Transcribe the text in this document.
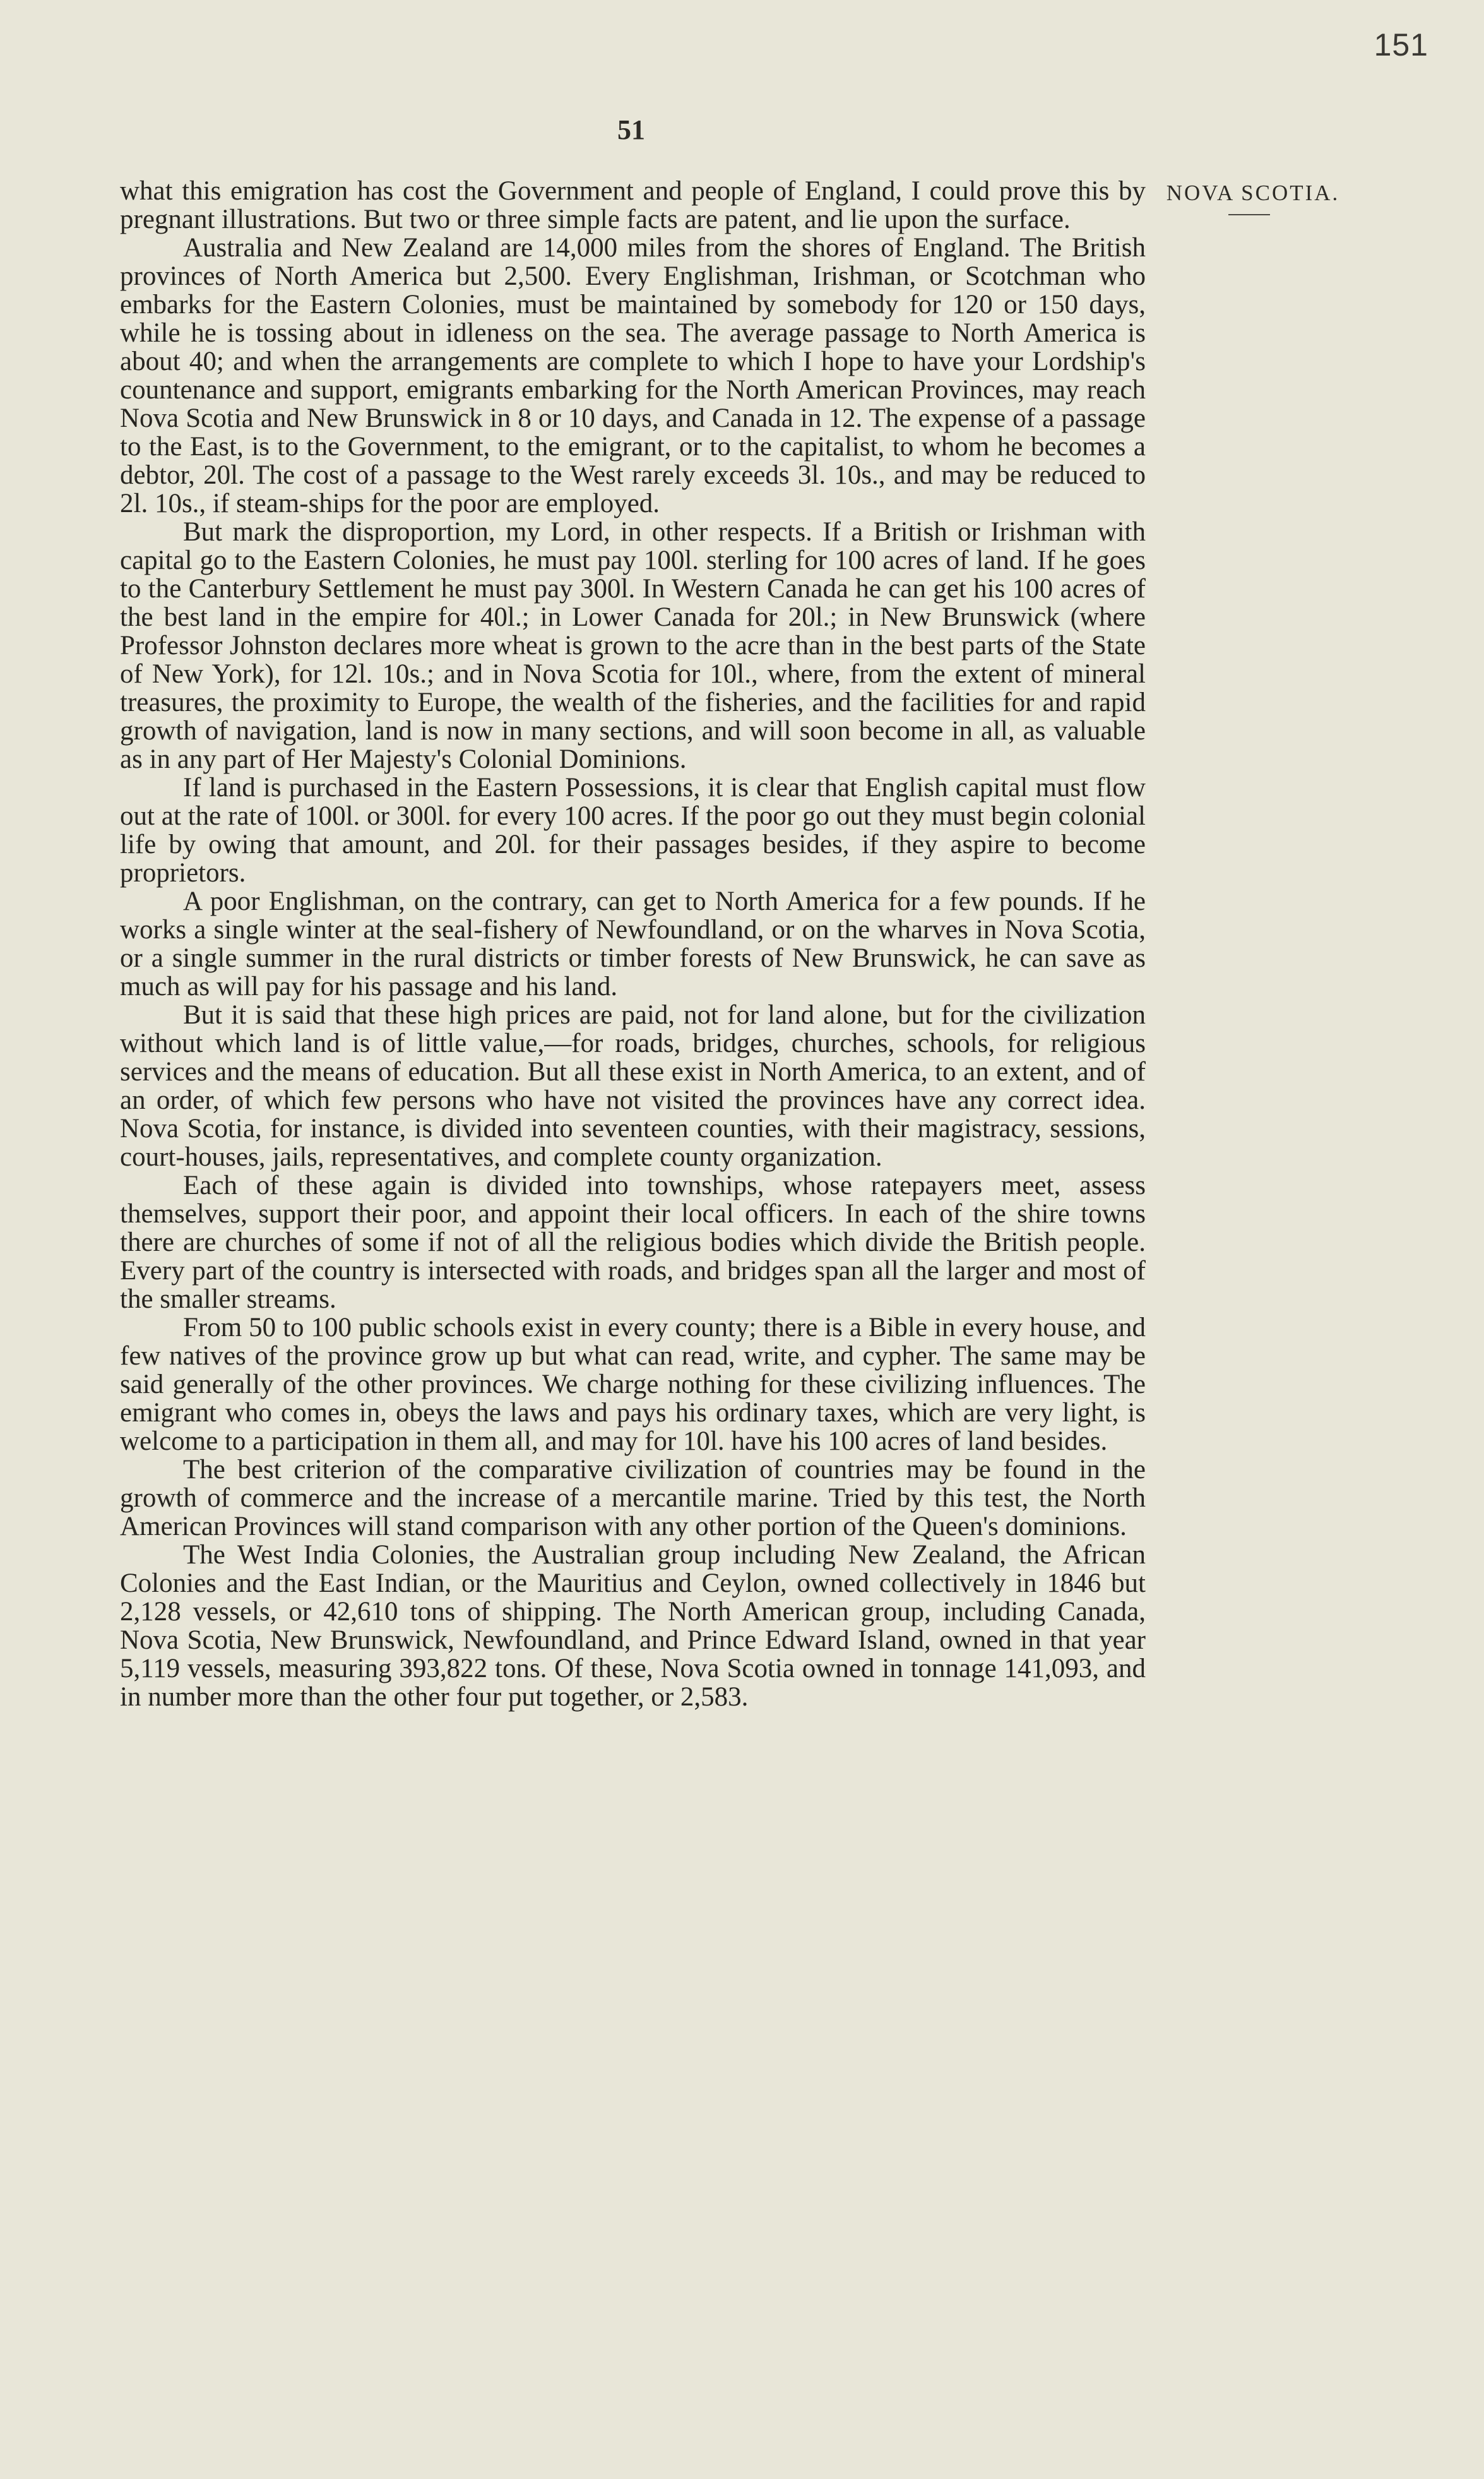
151
51
NOVA SCOTIA.

what this emigration has cost the Government and people of England, I could prove this by pregnant illustrations. But two or three simple facts are patent, and lie upon the surface.

Australia and New Zealand are 14,000 miles from the shores of England. The British provinces of North America but 2,500. Every Englishman, Irishman, or Scotchman who embarks for the Eastern Colonies, must be maintained by somebody for 120 or 150 days, while he is tossing about in idleness on the sea. The average passage to North America is about 40; and when the arrangements are complete to which I hope to have your Lordship's countenance and support, emigrants embarking for the North American Provinces, may reach Nova Scotia and New Brunswick in 8 or 10 days, and Canada in 12. The expense of a passage to the East, is to the Government, to the emigrant, or to the capitalist, to whom he becomes a debtor, 20l. The cost of a passage to the West rarely exceeds 3l. 10s., and may be reduced to 2l. 10s., if steam-ships for the poor are employed.

But mark the disproportion, my Lord, in other respects. If a British or Irishman with capital go to the Eastern Colonies, he must pay 100l. sterling for 100 acres of land. If he goes to the Canterbury Settlement he must pay 300l. In Western Canada he can get his 100 acres of the best land in the empire for 40l.; in Lower Canada for 20l.; in New Brunswick (where Professor Johnston declares more wheat is grown to the acre than in the best parts of the State of New York), for 12l. 10s.; and in Nova Scotia for 10l., where, from the extent of mineral treasures, the proximity to Europe, the wealth of the fisheries, and the facilities for and rapid growth of navigation, land is now in many sections, and will soon become in all, as valuable as in any part of Her Majesty's Colonial Dominions.

If land is purchased in the Eastern Possessions, it is clear that English capital must flow out at the rate of 100l. or 300l. for every 100 acres. If the poor go out they must begin colonial life by owing that amount, and 20l. for their passages besides, if they aspire to become proprietors.

A poor Englishman, on the contrary, can get to North America for a few pounds. If he works a single winter at the seal-fishery of Newfoundland, or on the wharves in Nova Scotia, or a single summer in the rural districts or timber forests of New Brunswick, he can save as much as will pay for his passage and his land.

But it is said that these high prices are paid, not for land alone, but for the civilization without which land is of little value,—for roads, bridges, churches, schools, for religious services and the means of education. But all these exist in North America, to an extent, and of an order, of which few persons who have not visited the provinces have any correct idea. Nova Scotia, for instance, is divided into seventeen counties, with their magistracy, sessions, court-houses, jails, representatives, and complete county organization.

Each of these again is divided into townships, whose ratepayers meet, assess themselves, support their poor, and appoint their local officers. In each of the shire towns there are churches of some if not of all the religious bodies which divide the British people. Every part of the country is intersected with roads, and bridges span all the larger and most of the smaller streams.

From 50 to 100 public schools exist in every county; there is a Bible in every house, and few natives of the province grow up but what can read, write, and cypher. The same may be said generally of the other provinces. We charge nothing for these civilizing influences. The emigrant who comes in, obeys the laws and pays his ordinary taxes, which are very light, is welcome to a participation in them all, and may for 10l. have his 100 acres of land besides.

The best criterion of the comparative civilization of countries may be found in the growth of commerce and the increase of a mercantile marine. Tried by this test, the North American Provinces will stand comparison with any other portion of the Queen's dominions.

The West India Colonies, the Australian group including New Zealand, the African Colonies and the East Indian, or the Mauritius and Ceylon, owned collectively in 1846 but 2,128 vessels, or 42,610 tons of shipping. The North American group, including Canada, Nova Scotia, New Brunswick, Newfoundland, and Prince Edward Island, owned in that year 5,119 vessels, measuring 393,822 tons. Of these, Nova Scotia owned in tonnage 141,093, and in number more than the other four put together, or 2,583.
